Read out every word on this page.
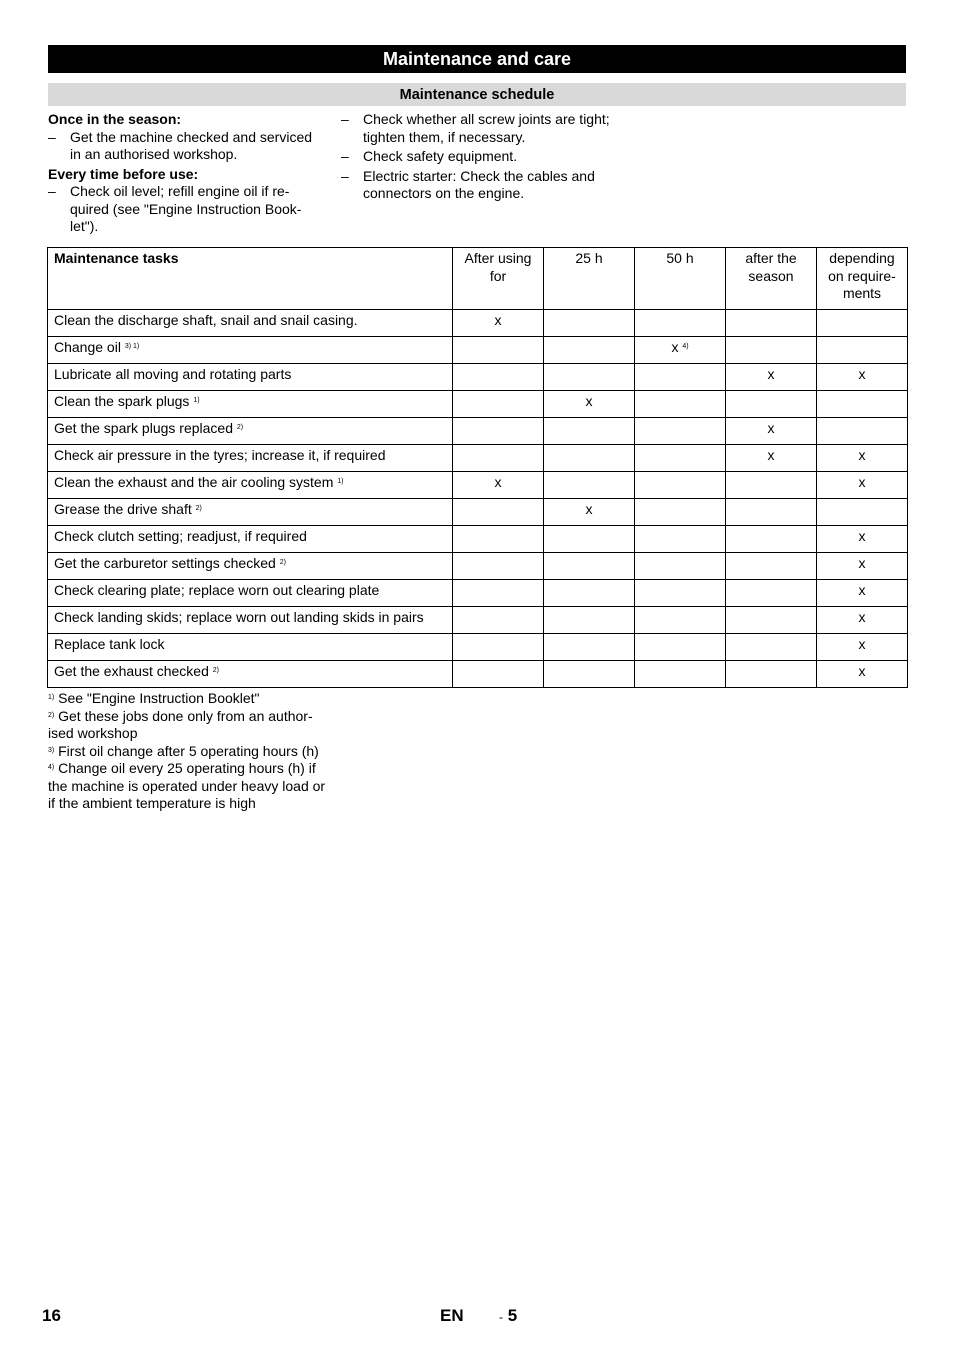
Maintenance and care
Maintenance schedule

Once in the season:

– Get the machine checked and serviced in an authorised workshop.

Every time before use:

– Check oil level; refill engine oil if re-quired (see "Engine Instruction Book-let").

– Check whether all screw joints are tight; tighten them, if necessary.

– Check safety equipment.

– Electric starter: Check the cables and connectors on the engine.

Maintenance tasks	After using for	25 h	50 h	after the season	depending on require-ments
Clean the discharge shaft, snail and snail casing.	x				
Change oil $^{3) 1)}$			x $^{4)}$		
Lubricate all moving and rotating parts				x	x
Clean the spark plugs $^{1)}$		x			
Get the spark plugs replaced $^{2)}$				x	
Check air pressure in the tyres; increase it, if required				x	x
Clean the exhaust and the air cooling system $^{1)}$	x				x
Grease the drive shaft $^{2)}$		x			
Check clutch setting; readjust, if required					x
Get the carburetor settings checked $^{2)}$					x
Check clearing plate; replace worn out clearing plate					x
Check landing skids; replace worn out landing skids in pairs					x
Replace tank lock					x
Get the exhaust checked $^{2)}$					x

$^{1)}$ See "Engine Instruction Booklet"

$^{2)}$ Get these jobs done only from an author-ised workshop

$^{3)}$ First oil change after 5 operating hours (h)

$^{4)}$ Change oil every 25 operating hours (h) if the machine is operated under heavy load or if the ambient temperature is high

16	EN	- 5
